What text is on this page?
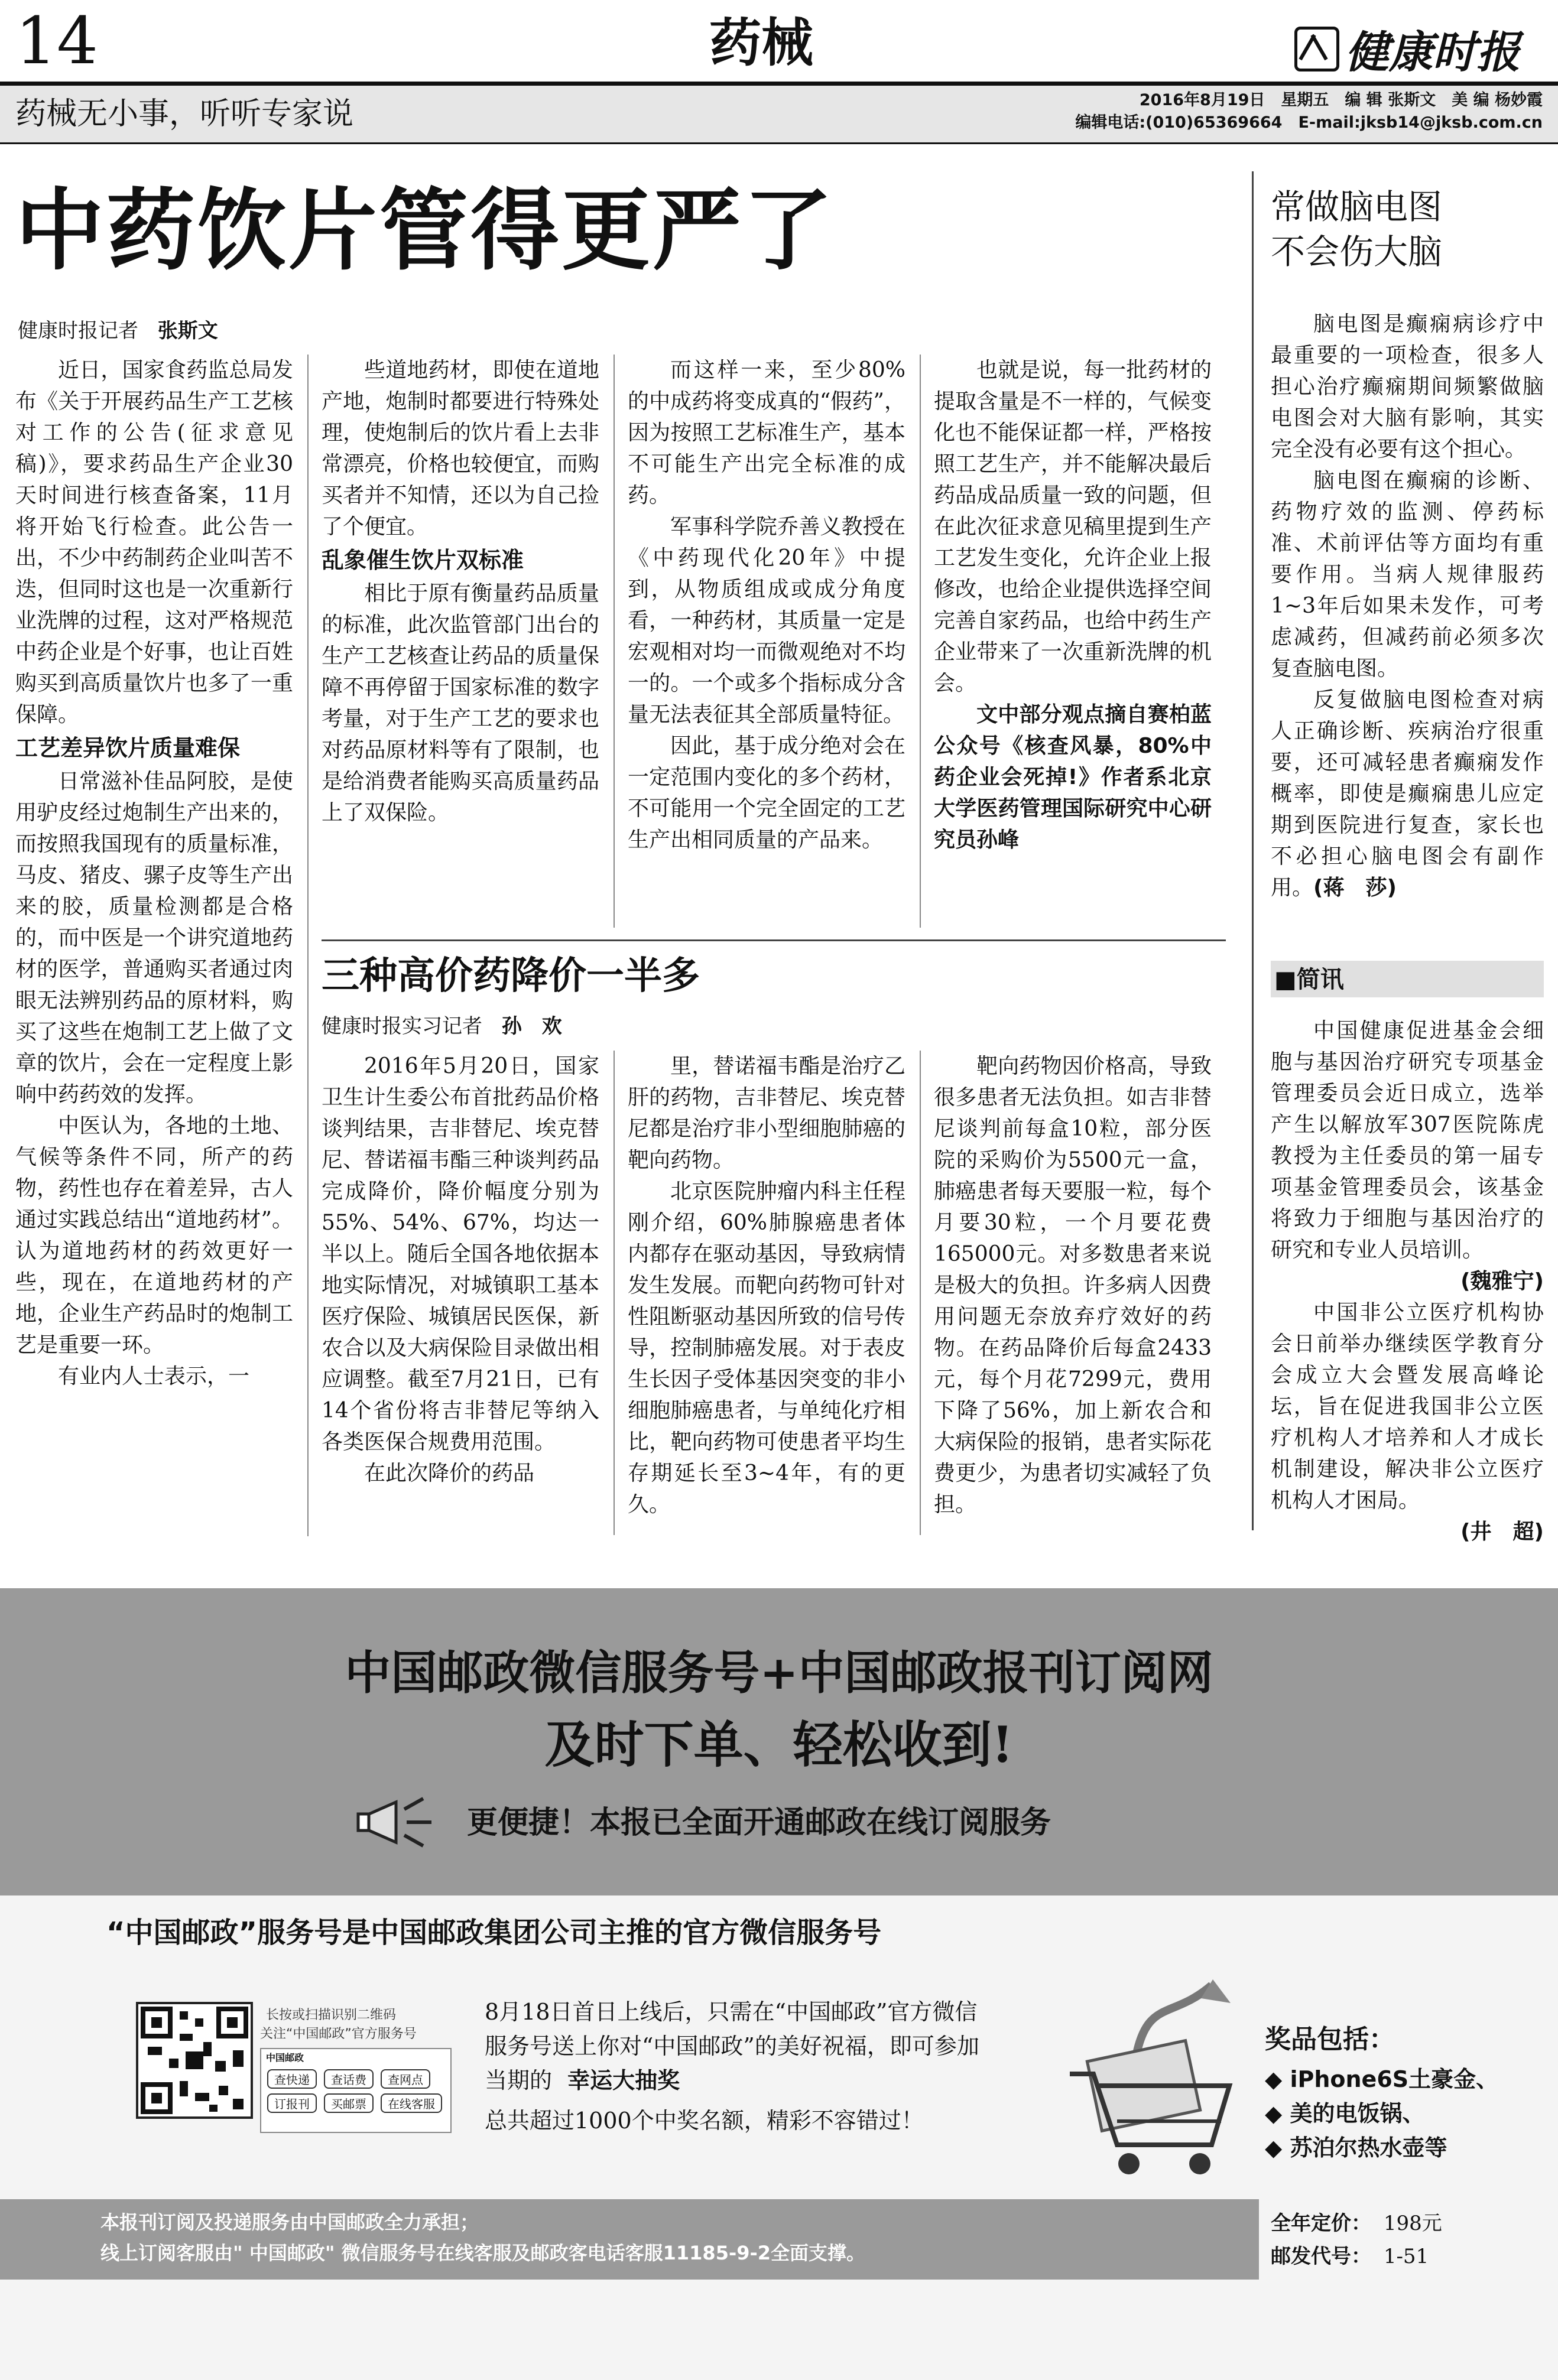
14	药械	健康时报
药械无小事，听听专家说	2016年8月19日　星期五　编 辑 张斯文　美 编 杨妙霞
编辑电话:(010)65369664　E-mail:jksb14@jksb.com.cn
中药饮片管得更严了
健康时报记者 张斯文

近日，国家食药监总局发布《关于开展药品生产工艺核对工作的公告(征求意见稿)》，要求药品生产企业30天时间进行核查备案，11月将开始飞行检查。此公告一出，不少中药制药企业叫苦不迭，但同时这也是一次重新行业洗牌的过程，这对严格规范中药企业是个好事，也让百姓购买到高质量饮片也多了一重保障。

工艺差异饮片质量难保

日常滋补佳品阿胶，是使用驴皮经过炮制生产出来的，而按照我国现有的质量标准，马皮、猪皮、骡子皮等生产出来的胶，质量检测都是合格的，而中医是一个讲究道地药材的医学，普通购买者通过肉眼无法辨别药品的原材料，购买了这些在炮制工艺上做了文章的饮片，会在一定程度上影响中药药效的发挥。

中医认为，各地的土地、气候等条件不同，所产的药物，药性也存在着差异，古人通过实践总结出“道地药材”。认为道地药材的药效更好一些，现在，在道地药材的产地，企业生产药品时的炮制工艺是重要一环。

有业内人士表示，一

些道地药材，即使在道地产地，炮制时都要进行特殊处理，使炮制后的饮片看上去非常漂亮，价格也较便宜，而购买者并不知情，还以为自己捡了个便宜。

乱象催生饮片双标准

相比于原有衡量药品质量的标准，此次监管部门出台的生产工艺核查让药品的质量保障不再停留于国家标准的数字考量，对于生产工艺的要求也对药品原材料等有了限制，也是给消费者能购买高质量药品上了双保险。

而这样一来，至少80%的中成药将变成真的“假药”，因为按照工艺标准生产，基本不可能生产出完全标准的成药。

军事科学院乔善义教授在《中药现代化20年》中提到，从物质组成或成分角度看，一种药材，其质量一定是宏观相对均一而微观绝对不均一的。一个或多个指标成分含量无法表征其全部质量特征。

因此，基于成分绝对会在一定范围内变化的多个药材，不可能用一个完全固定的工艺生产出相同质量的产品来。

也就是说，每一批药材的提取含量是不一样的，气候变化也不能保证都一样，严格按照工艺生产，并不能解决最后药品成品质量一致的问题，但在此次征求意见稿里提到生产工艺发生变化，允许企业上报修改，也给企业提供选择空间完善自家药品，也给中药生产企业带来了一次重新洗牌的机会。

文中部分观点摘自赛柏蓝公众号《核查风暴，80%中药企业会死掉!》作者系北京大学医药管理国际研究中心研究员孙峰

常做脑电图
不会伤大脑

脑电图是癫痫病诊疗中最重要的一项检查，很多人担心治疗癫痫期间频繁做脑电图会对大脑有影响，其实完全没有必要有这个担心。

脑电图在癫痫的诊断、药物疗效的监测、停药标准、术前评估等方面均有重要作用。当病人规律服药1~3年后如果未发作，可考虑减药，但减药前必须多次复查脑电图。

反复做脑电图检查对病人正确诊断、疾病治疗很重要，还可减轻患者癫痫发作概率，即使是癫痫患儿应定期到医院进行复查，家长也不必担心脑电图会有副作用。(蒋　莎)

■简讯

中国健康促进基金会细胞与基因治疗研究专项基金管理委员会近日成立，选举产生以解放军307医院陈虎教授为主任委员的第一届专项基金管理委员会，该基金将致力于细胞与基因治疗的研究和专业人员培训。

(魏雅宁)

中国非公立医疗机构协会日前举办继续医学教育分会成立大会暨发展高峰论坛，旨在促进我国非公立医疗机构人才培养和人才成长机制建设，解决非公立医疗机构人才困局。

(井　超)

三种高价药降价一半多
健康时报实习记者 孙　欢

2016年5月20日，国家卫生计生委公布首批药品价格谈判结果，吉非替尼、埃克替尼、替诺福韦酯三种谈判药品完成降价，降价幅度分别为55%、54%、67%，均达一半以上。随后全国各地依据本地实际情况，对城镇职工基本医疗保险、城镇居民医保，新农合以及大病保险目录做出相应调整。截至7月21日，已有14个省份将吉非替尼等纳入各类医保合规费用范围。

在此次降价的药品

里，替诺福韦酯是治疗乙肝的药物，吉非替尼、埃克替尼都是治疗非小型细胞肺癌的靶向药物。

北京医院肿瘤内科主任程刚介绍，60%肺腺癌患者体内都存在驱动基因，导致病情发生发展。而靶向药物可针对性阻断驱动基因所致的信号传导，控制肺癌发展。对于表皮生长因子受体基因突变的非小细胞肺癌患者，与单纯化疗相比，靶向药物可使患者平均生存期延长至3~4年，有的更久。

靶向药物因价格高，导致很多患者无法负担。如吉非替尼谈判前每盒10粒，部分医院的采购价为5500元一盒，肺癌患者每天要服一粒，每个月要30粒，一个月要花费165000元。对多数患者来说是极大的负担。许多病人因费用问题无奈放弃疗效好的药物。在药品降价后每盒2433元，每个月花7299元，费用下降了56%，加上新农合和大病保险的报销，患者实际花费更少，为患者切实减轻了负担。

中国邮政微信服务号+中国邮政报刊订阅网
及时下单、轻松收到!
更便捷！本报已全面开通邮政在线订阅服务
“中国邮政”服务号是中国邮政集团公司主推的官方微信服务号
长按或扫描识别二维码
关注“中国邮政”官方服务号
中国邮政
查快递	查话费	查网点
订报刊	买邮票	在线客服
8月18日首日上线后，只需在“中国邮政”官方微信服务号送上你对“中国邮政”的美好祝福，即可参加当期的 幸运大抽奖
总共超过1000个中奖名额，精彩不容错过！
奖品包括：
◆ iPhone6S土豪金、
◆ 美的电饭锅、
◆ 苏泊尔热水壶等
本报刊订阅及投递服务由中国邮政全力承担；
线上订阅客服由" 中国邮政" 微信服务号在线客服及邮政客电话客服11185-9-2全面支撑。
全年定价： 198元
邮发代号： 1-51
